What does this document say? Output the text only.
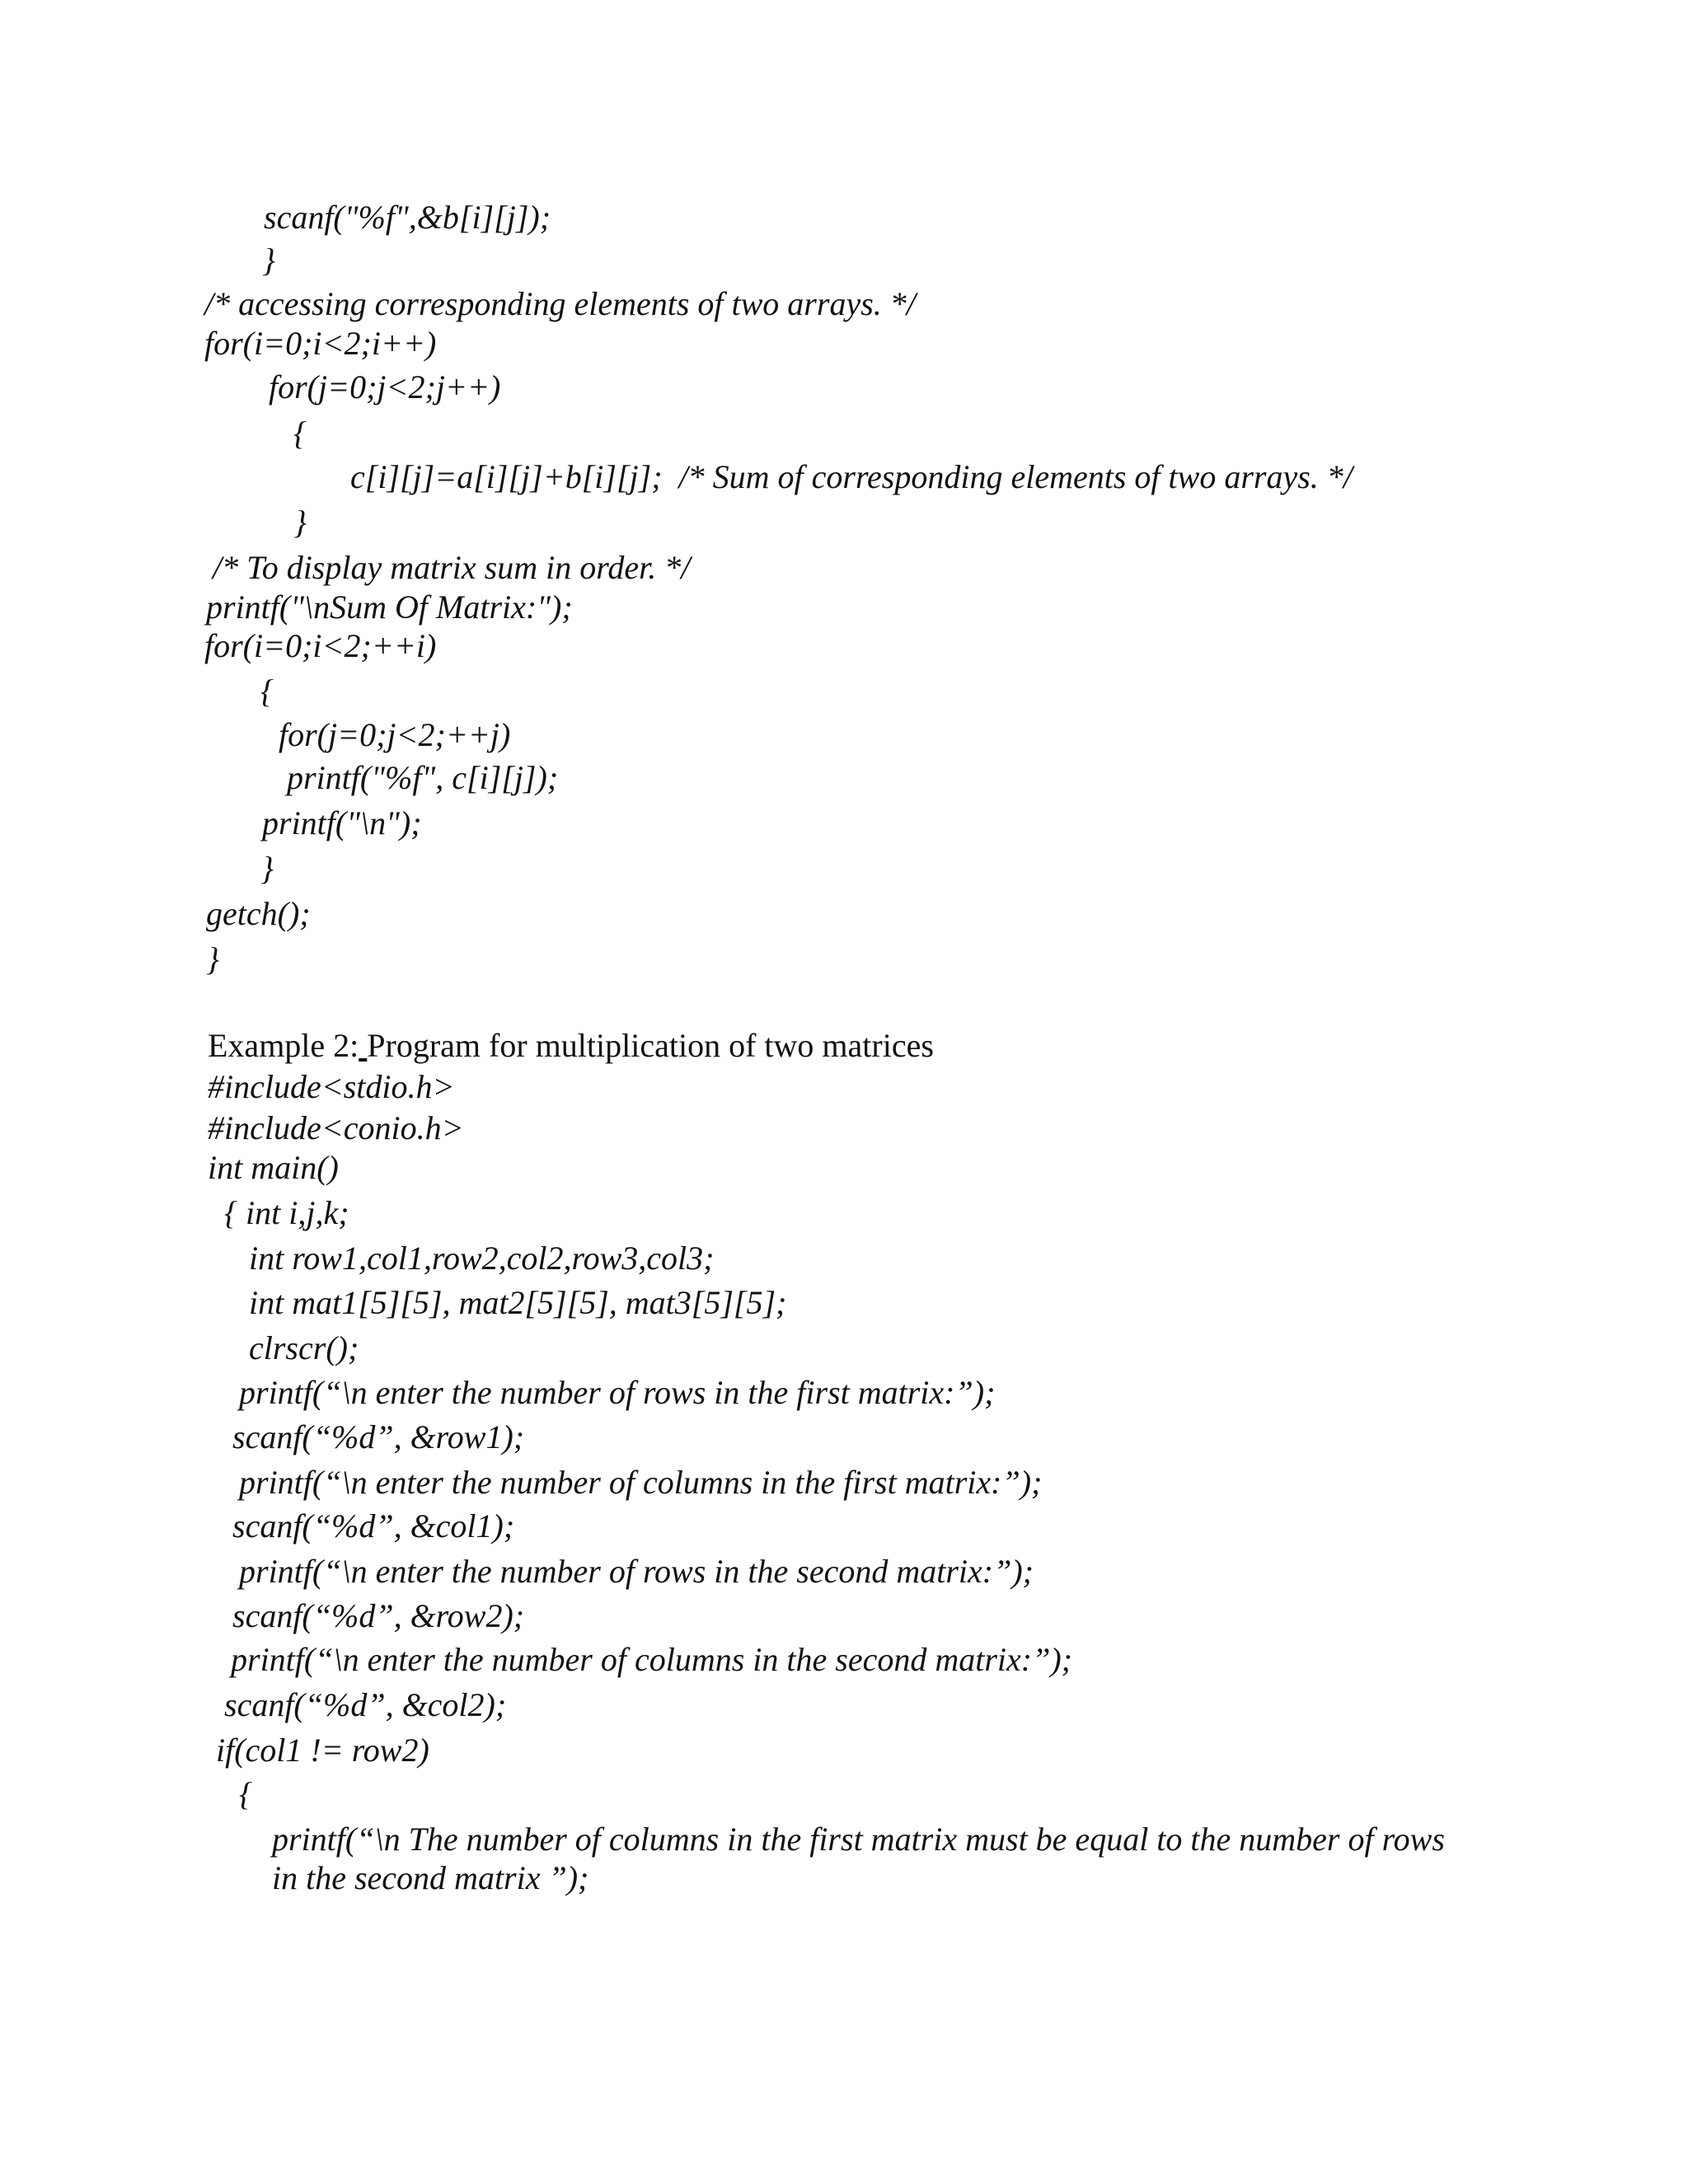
scanf("%f",&b[i][j]);
}
/* accessing corresponding elements of two arrays. */
for(i=0;i<2;i++)
for(j=0;j<2;j++)
{
c[i][j]=a[i][j]+b[i][j];  /* Sum of corresponding elements of two arrays. */
}
/* To display matrix sum in order. */
printf("\nSum Of Matrix:");
for(i=0;i<2;++i)
{
for(j=0;j<2;++j)
printf("%f", c[i][j]);
printf("\n");
}
getch();
}
Example 2: Program for multiplication of two matrices
#include<stdio.h>
#include<conio.h>
int main()
{ int i,j,k;
int row1,col1,row2,col2,row3,col3;
int mat1[5][5], mat2[5][5], mat3[5][5];
clrscr();
printf(“\n enter the number of rows in the first matrix:”);
scanf(“%d”, &row1);
printf(“\n enter the number of columns in the first matrix:”);
scanf(“%d”, &col1);
printf(“\n enter the number of rows in the second matrix:”);
scanf(“%d”, &row2);
printf(“\n enter the number of columns in the second matrix:”);
scanf(“%d”, &col2);
if(col1 != row2)
{
printf(“\n The number of columns in the first matrix must be equal to the number of rows
in the second matrix ”);
